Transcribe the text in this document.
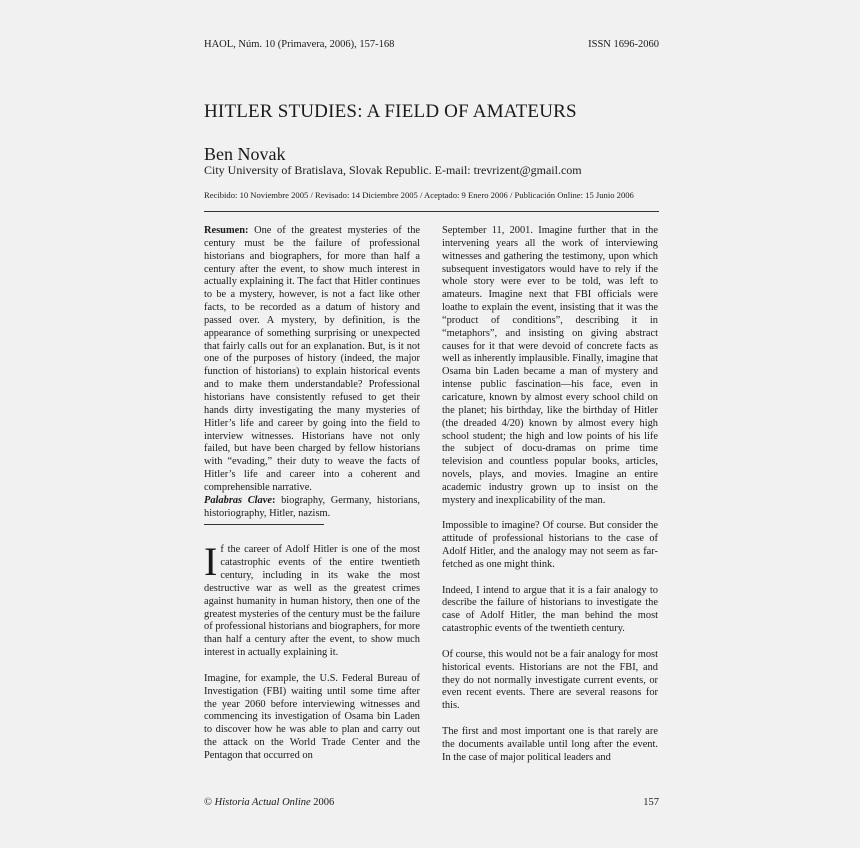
HAOL, Núm. 10 (Primavera, 2006), 157-168	ISSN 1696-2060
HITLER STUDIES: A FIELD OF AMATEURS
Ben Novak
City University of Bratislava, Slovak Republic. E-mail: trevrizent@gmail.com
Recibido: 10 Noviembre 2005 / Revisado: 14 Diciembre 2005 / Aceptado: 9 Enero 2006 / Publicación Online: 15 Junio 2006

Resumen: One of the greatest mysteries of the century must be the failure of professional historians and biographers, for more than half a century after the event, to show much interest in actually explaining it. The fact that Hitler continues to be a mystery, however, is not a fact like other facts, to be recorded as a datum of history and passed over. A mystery, by definition, is the appearance of something surprising or unexpected that fairly calls out for an explanation. But, is it not one of the purposes of history (indeed, the major function of historians) to explain historical events and to make them understandable? Professional historians have consistently refused to get their hands dirty investigating the many mysteries of Hitler’s life and career by going into the field to interview witnesses. Historians have not only failed, but have been charged by fellow historians with “evading,” their duty to weave the facts of Hitler’s life and career into a coherent and comprehensible narrative.

Palabras Clave: biography, Germany, historians, historiography, Hitler, nazism.

If the career of Adolf Hitler is one of the most catastrophic events of the entire twentieth century, including in its wake the most destructive war as well as the greatest crimes against humanity in human history, then one of the greatest mysteries of the century must be the failure of professional historians and biographers, for more than half a century after the event, to show much interest in actually explaining it.

Imagine, for example, the U.S. Federal Bureau of Investigation (FBI) waiting until some time after the year 2060 before interviewing witnesses and commencing its investigation of Osama bin Laden to discover how he was able to plan and carry out the attack on the World Trade Center and the Pentagon that occurred on

September 11, 2001. Imagine further that in the intervening years all the work of interviewing witnesses and gathering the testimony, upon which subsequent investigators would have to rely if the whole story were ever to be told, was left to amateurs. Imagine next that FBI officials were loathe to explain the event, insisting that it was the “product of conditions”, describing it in “metaphors”, and insisting on giving abstract causes for it that were devoid of concrete facts as well as inherently implausible. Finally, imagine that Osama bin Laden became a man of mystery and intense public fascination—his face, even in caricature, known by almost every school child on the planet; his birthday, like the birthday of Hitler (the dreaded 4/20) known by almost every high school student; the high and low points of his life the subject of docu-dramas on prime time television and countless popular books, articles, novels, plays, and movies. Imagine an entire academic industry grown up to insist on the mystery and inexplicability of the man.

Impossible to imagine? Of course. But consider the attitude of professional historians to the case of Adolf Hitler, and the analogy may not seem as far-fetched as one might think.

Indeed, I intend to argue that it is a fair analogy to describe the failure of historians to investigate the case of Adolf Hitler, the man behind the most catastrophic events of the twentieth century.

Of course, this would not be a fair analogy for most historical events. Historians are not the FBI, and they do not normally investigate current events, or even recent events. There are several reasons for this.

The first and most important one is that rarely are the documents available until long after the event. In the case of major political leaders and

© Historia Actual Online 2006	157
